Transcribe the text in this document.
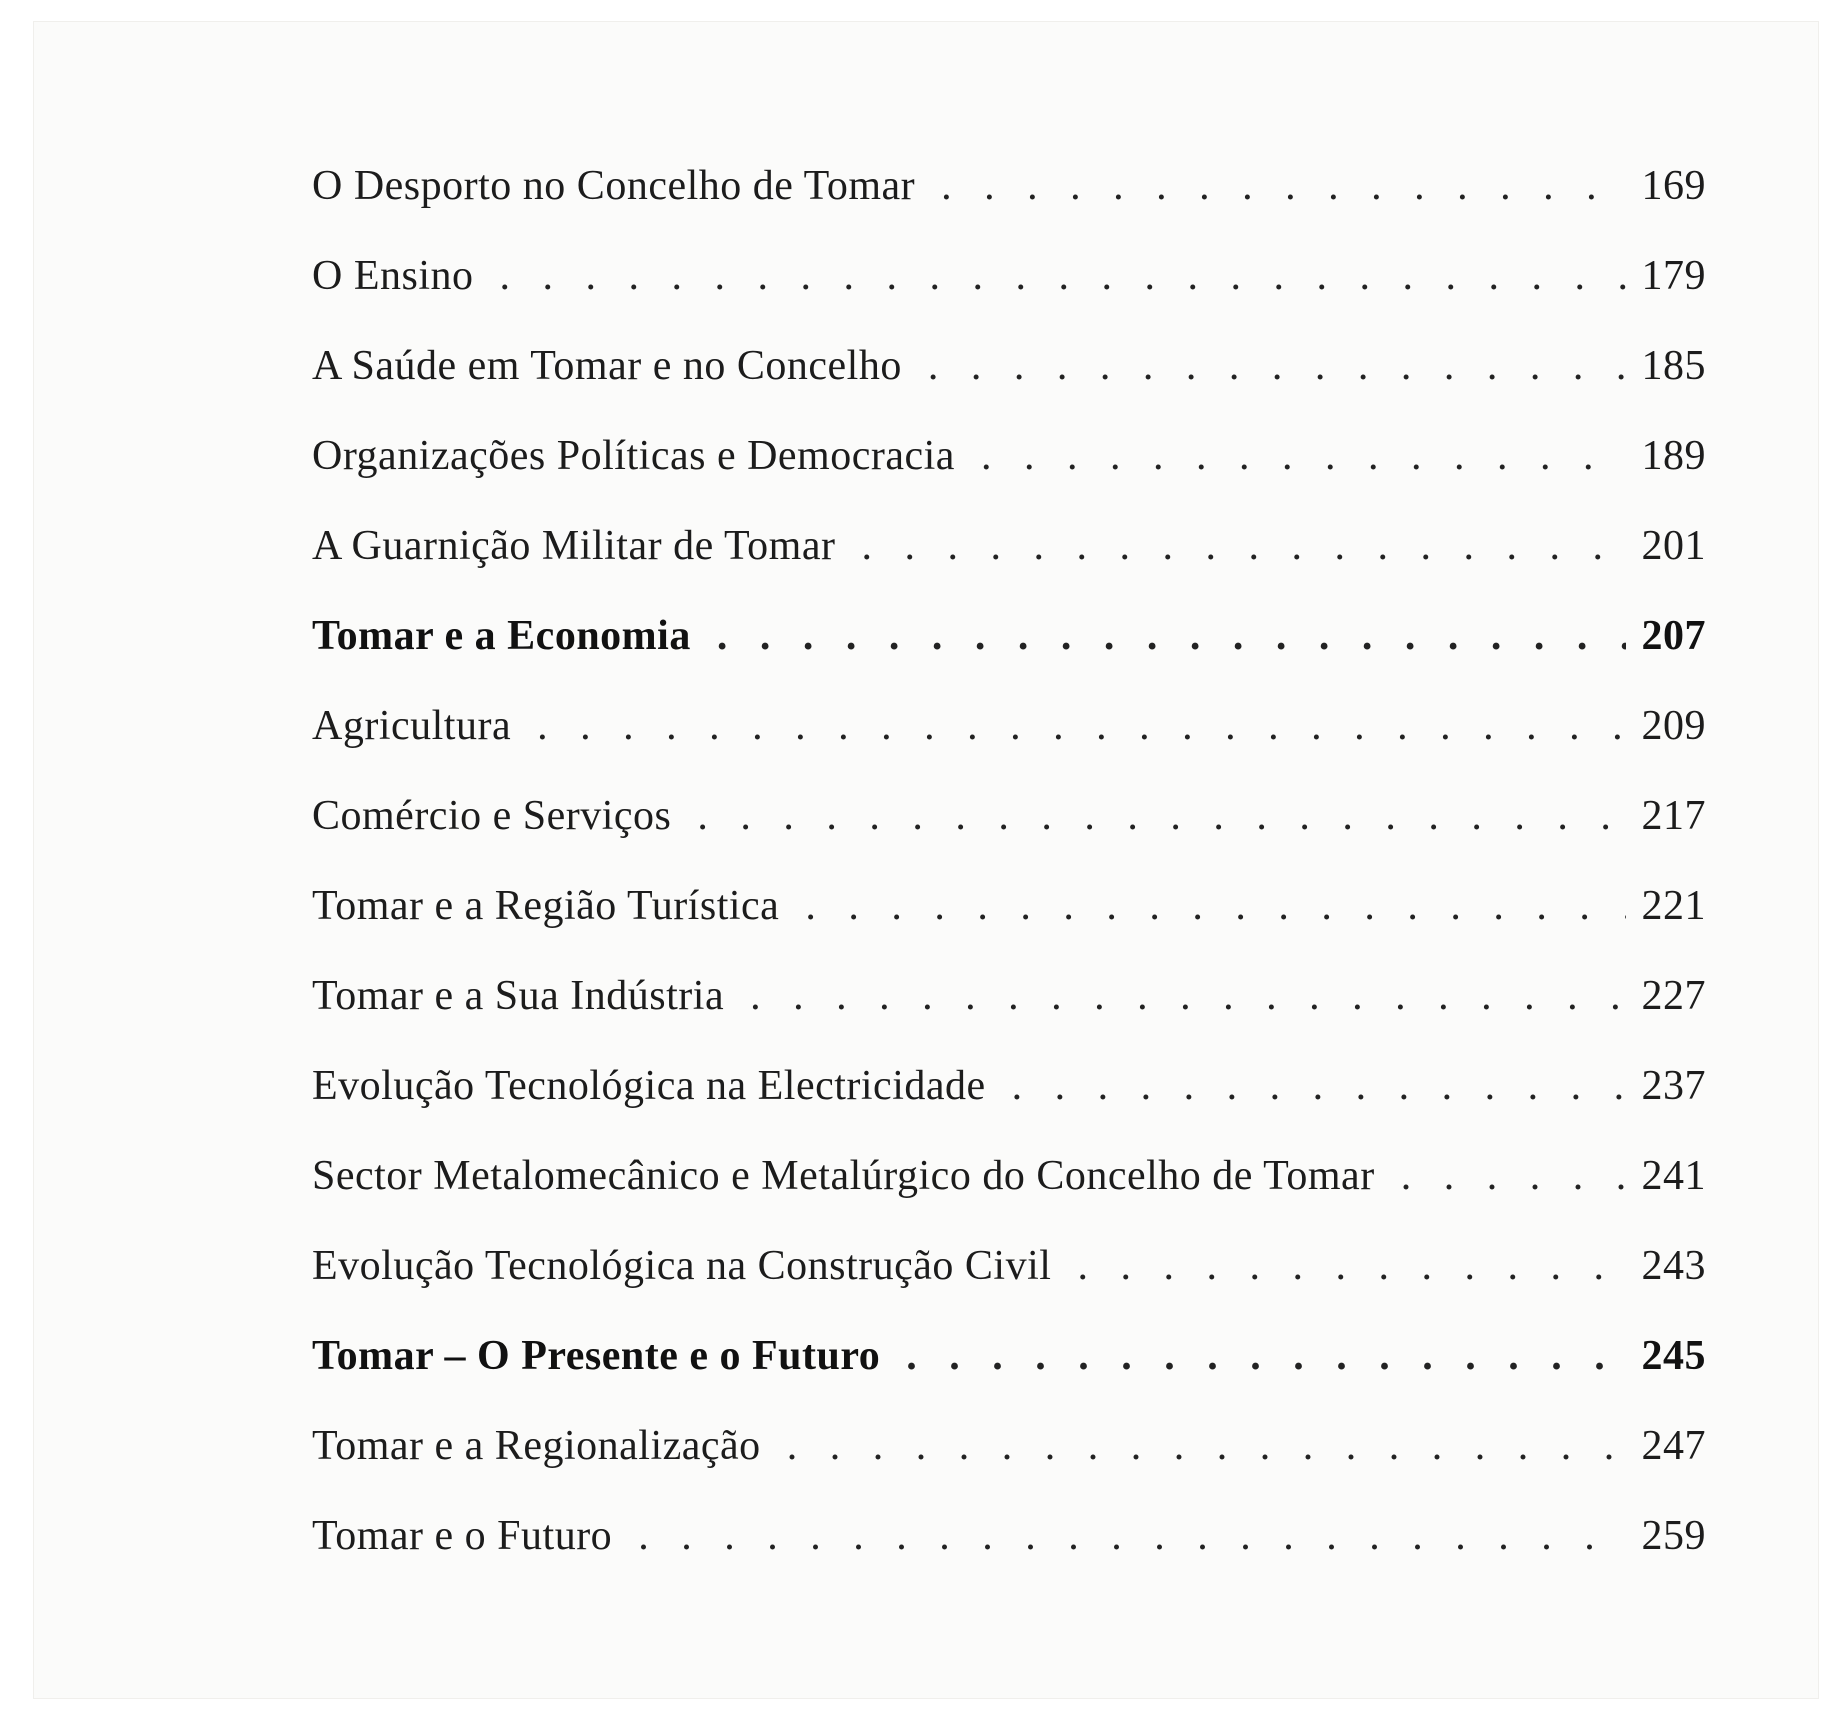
O Desporto no Concelho de Tomar . . .	169
O Ensino . . .	179
A Saúde em Tomar e no Concelho . . .	185
Organizações Políticas e Democracia . . .	189
A Guarnição Militar de Tomar . . .	201
Tomar e a Economia . . .	207
Agricultura . . .	209
Comércio e Serviços . . .	217
Tomar e a Região Turística . . .	221
Tomar e a Sua Indústria . . .	227
Evolução Tecnológica na Electricidade . . .	237
Sector Metalomecânico e Metalúrgico do Concelho de Tomar . . .	241
Evolução Tecnológica na Construção Civil . . .	243
Tomar – O Presente e o Futuro . . .	245
Tomar e a Regionalização . . .	247
Tomar e o Futuro . . .	259
